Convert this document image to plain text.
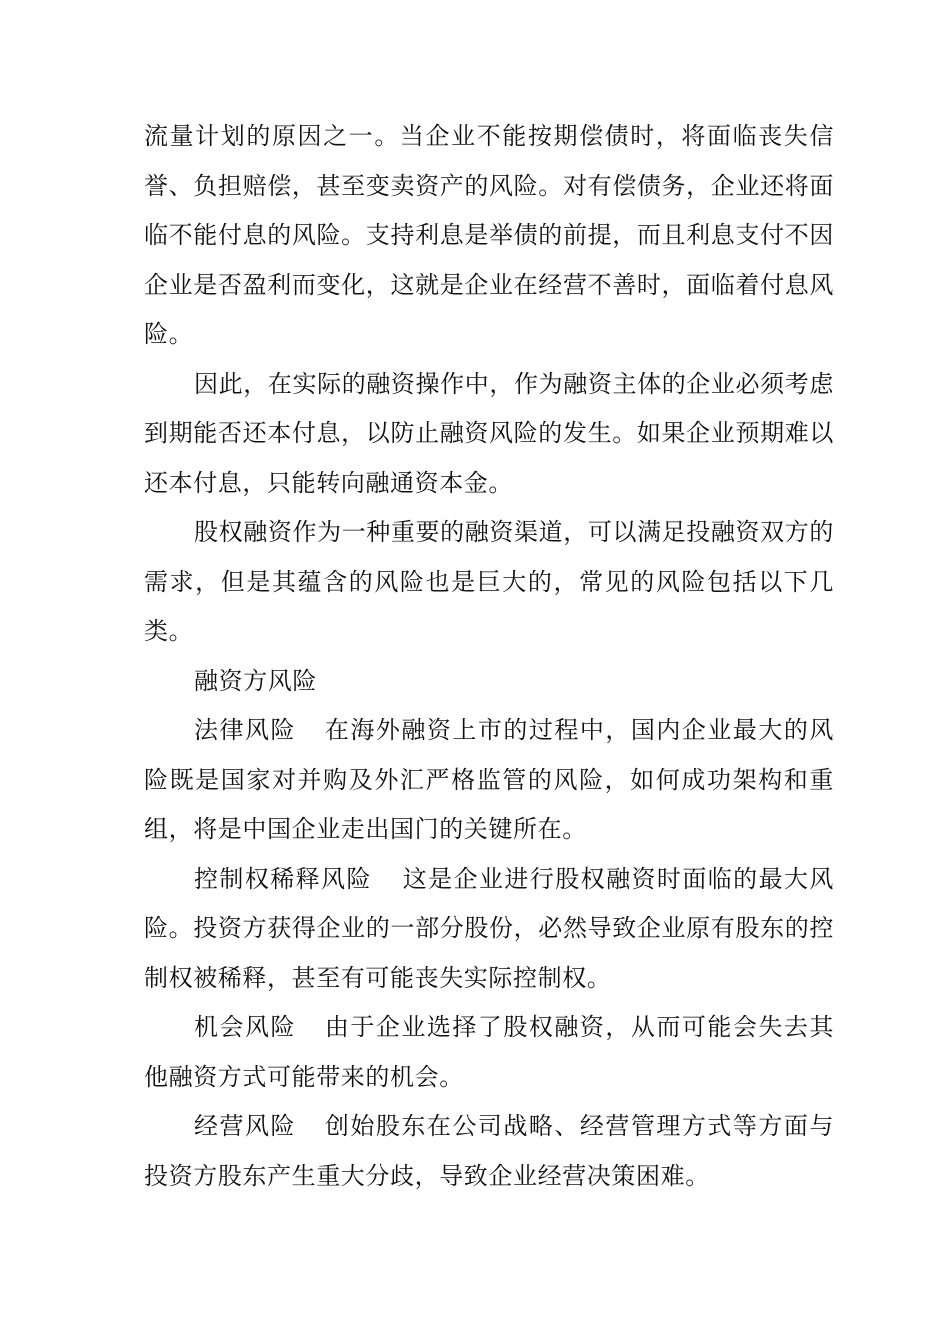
流量计划的原因之一。当企业不能按期偿债时，将面临丧失信誉、负担赔偿，甚至变卖资产的风险。对有偿债务，企业还将面临不能付息的风险。支持利息是举债的前提，而且利息支付不因企业是否盈利而变化，这就是企业在经营不善时，面临着付息风险。

因此，在实际的融资操作中，作为融资主体的企业必须考虑到期能否还本付息，以防止融资风险的发生。如果企业预期难以还本付息，只能转向融通资本金。

股权融资作为一种重要的融资渠道，可以满足投融资双方的需求，但是其蕴含的风险也是巨大的，常见的风险包括以下几类。

融资方风险

法律风险 在海外融资上市的过程中，国内企业最大的风险既是国家对并购及外汇严格监管的风险，如何成功架构和重组，将是中国企业走出国门的关键所在。

控制权稀释风险 这是企业进行股权融资时面临的最大风险。投资方获得企业的一部分股份，必然导致企业原有股东的控制权被稀释，甚至有可能丧失实际控制权。

机会风险 由于企业选择了股权融资，从而可能会失去其他融资方式可能带来的机会。

经营风险 创始股东在公司战略、经营管理方式等方面与投资方股东产生重大分歧，导致企业经营决策困难。
